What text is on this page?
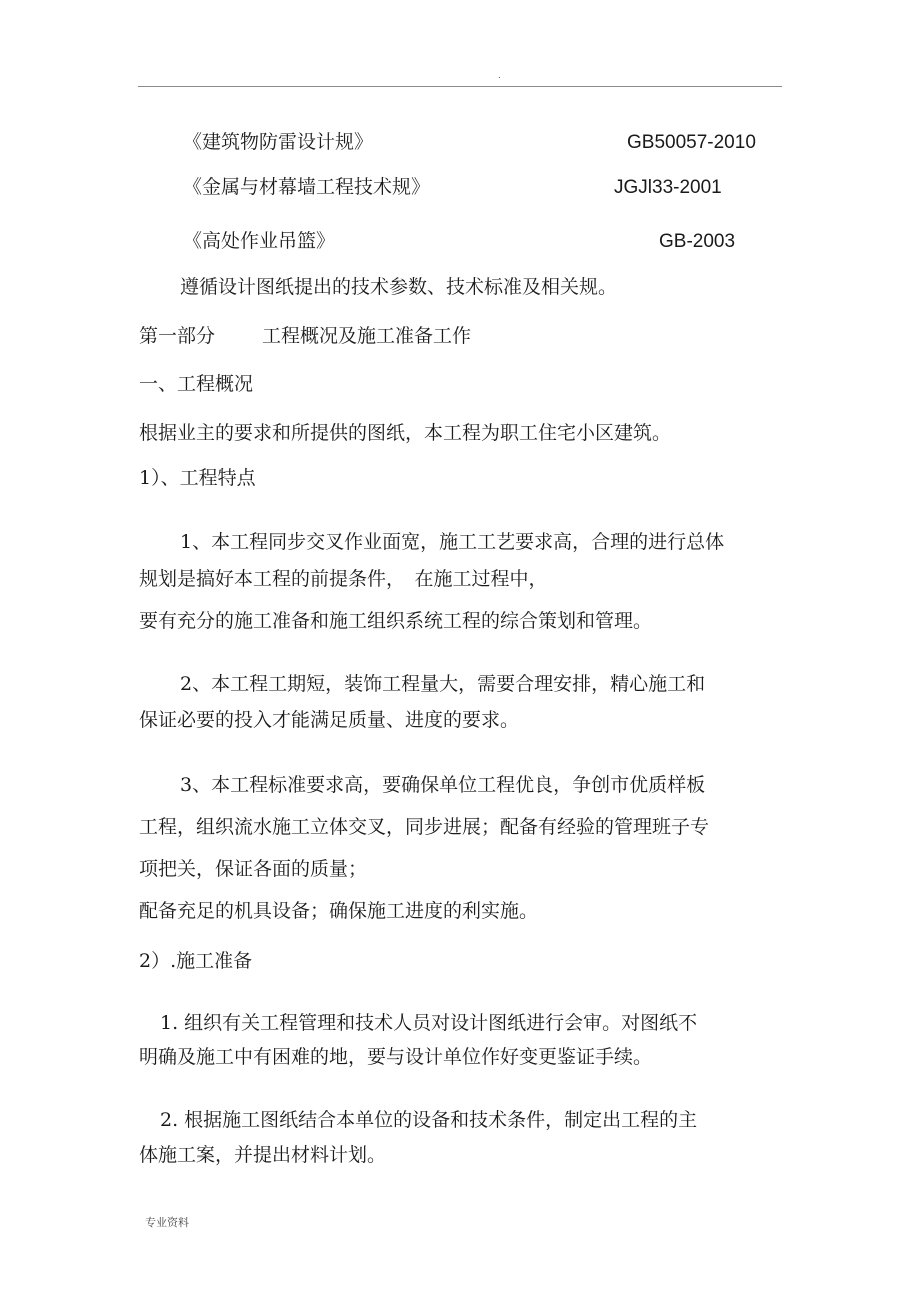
.
《建筑物防雷设计规》	GB50057-2010
《金属与材幕墙工程技术规》	JGJl33-2001
《高处作业吊篮》	GB-2003
遵循设计图纸提出的技术参数、技术标准及相关规。
第一部分 工程概况及施工准备工作
一、工程概况
根据业主的要求和所提供的图纸，本工程为职工住宅小区建筑。
1）、工程特点
1、本工程同步交叉作业面宽，施工工艺要求高，合理的进行总体
规划是搞好本工程的前提条件，　在施工过程中，
要有充分的施工准备和施工组织系统工程的综合策划和管理。
2、本工程工期短，装饰工程量大，需要合理安排，精心施工和
保证必要的投入才能满足质量、进度的要求。
3、本工程标准要求高，要确保单位工程优良，争创市优质样板
工程，组织流水施工立体交叉，同步进展；配备有经验的管理班子专
项把关，保证各面的质量；
配备充足的机具设备；确保施工进度的利实施。
2）.施工准备
1. 组织有关工程管理和技术人员对设计图纸进行会审。对图纸不
明确及施工中有困难的地，要与设计单位作好变更鉴证手续。
2. 根据施工图纸结合本单位的设备和技术条件，制定出工程的主
体施工案，并提出材料计划。
专业资料
